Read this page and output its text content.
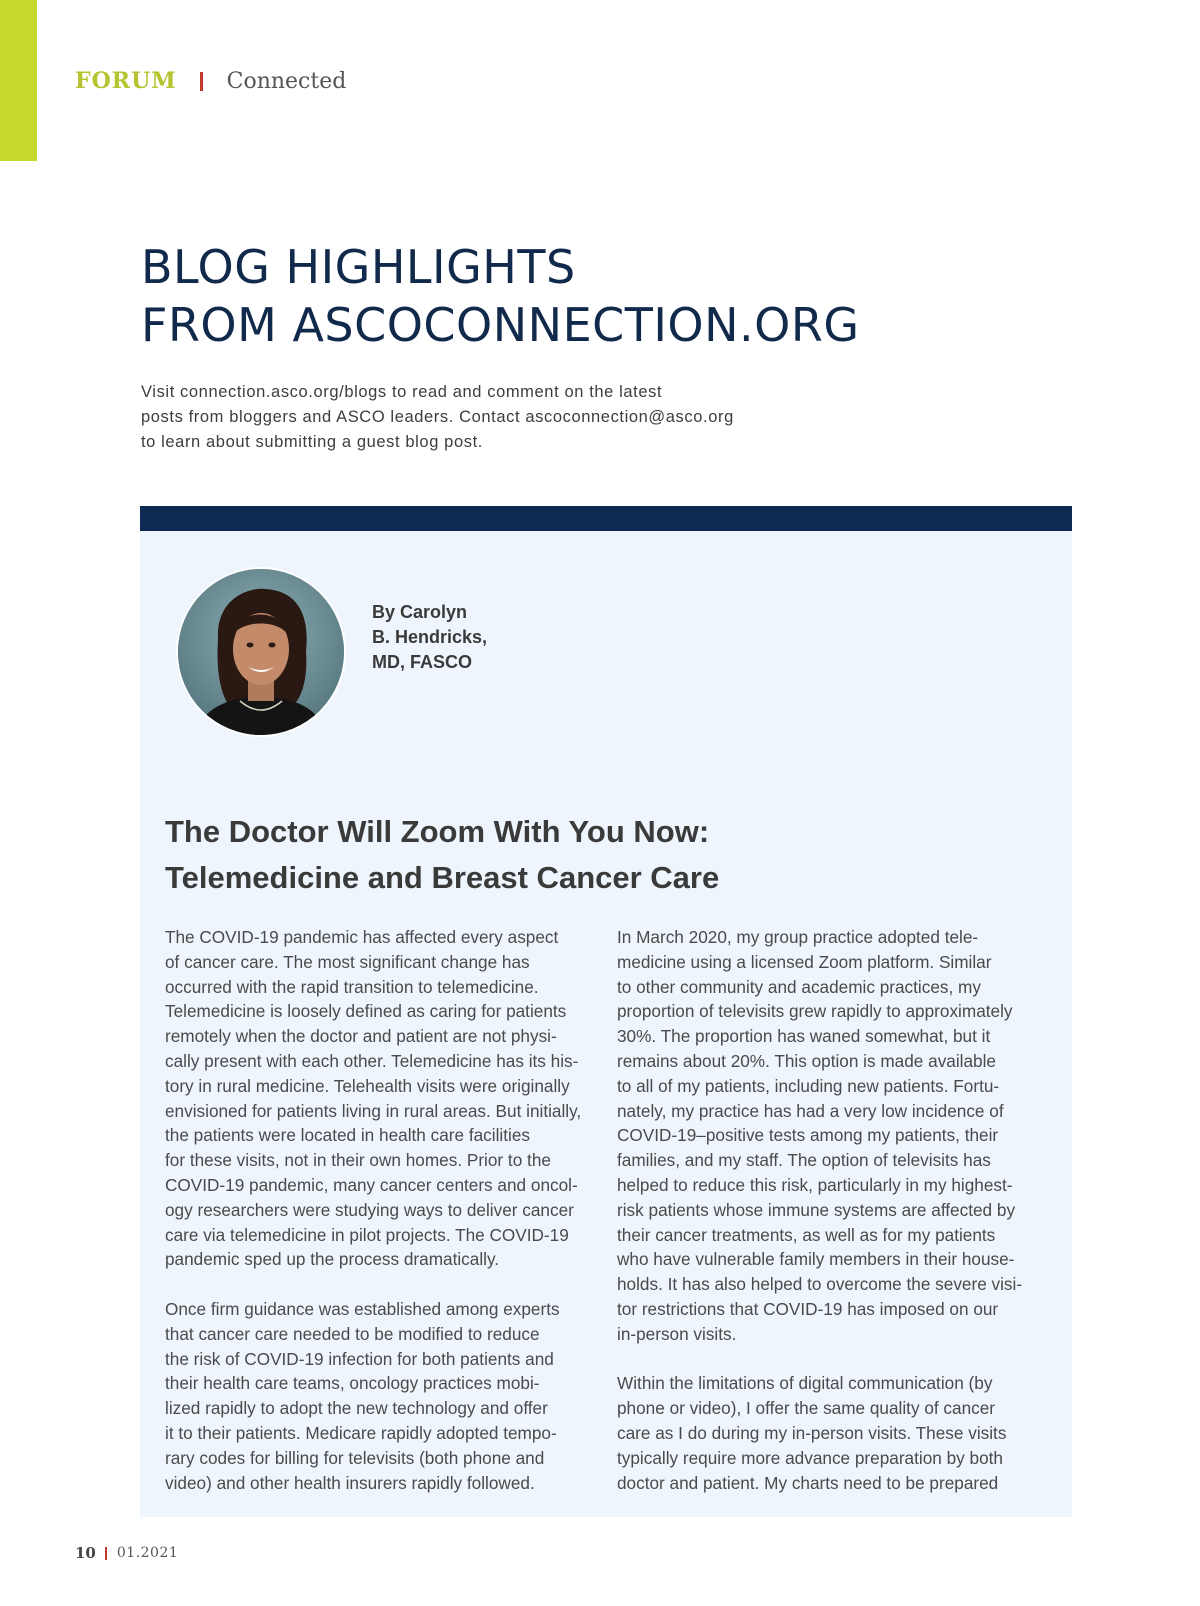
FORUM Connected
BLOG HIGHLIGHTS
FROM ASCOCONNECTION.ORG

Visit connection.asco.org/blogs to read and comment on the latest
posts from bloggers and ASCO leaders. Contact ascoconnection@asco.org
to learn about submitting a guest blog post.

By Carolyn
B. Hendricks,
MD, FASCO

The Doctor Will Zoom With You Now:
Telemedicine and Breast Cancer Care
The COVID-19 pandemic has affected every aspect
of cancer care. The most significant change has
occurred with the rapid transition to telemedicine.
Telemedicine is loosely defined as caring for patients
remotely when the doctor and patient are not physi-
cally present with each other. Telemedicine has its his-
tory in rural medicine. Telehealth visits were originally
envisioned for patients living in rural areas. But initially,
the patients were located in health care facilities
for these visits, not in their own homes. Prior to the
COVID-19 pandemic, many cancer centers and oncol-
ogy researchers were studying ways to deliver cancer
care via telemedicine in pilot projects. The COVID-19
pandemic sped up the process dramatically.
Once firm guidance was established among experts
that cancer care needed to be modified to reduce
the risk of COVID-19 infection for both patients and
their health care teams, oncology practices mobi-
lized rapidly to adopt the new technology and offer
it to their patients. Medicare rapidly adopted tempo-
rary codes for billing for televisits (both phone and
video) and other health insurers rapidly followed.
In March 2020, my group practice adopted tele-
medicine using a licensed Zoom platform. Similar
to other community and academic practices, my
proportion of televisits grew rapidly to approximately
30%. The proportion has waned somewhat, but it
remains about 20%. This option is made available
to all of my patients, including new patients. Fortu-
nately, my practice has had a very low incidence of
COVID-19–positive tests among my patients, their
families, and my staff. The option of televisits has
helped to reduce this risk, particularly in my highest-
risk patients whose immune systems are affected by
their cancer treatments, as well as for my patients
who have vulnerable family members in their house-
holds. It has also helped to overcome the severe visi-
tor restrictions that COVID-19 has imposed on our
in-person visits.
Within the limitations of digital communication (by
phone or video), I offer the same quality of cancer
care as I do during my in-person visits. These visits
typically require more advance preparation by both
doctor and patient. My charts need to be prepared
10 01.2021
